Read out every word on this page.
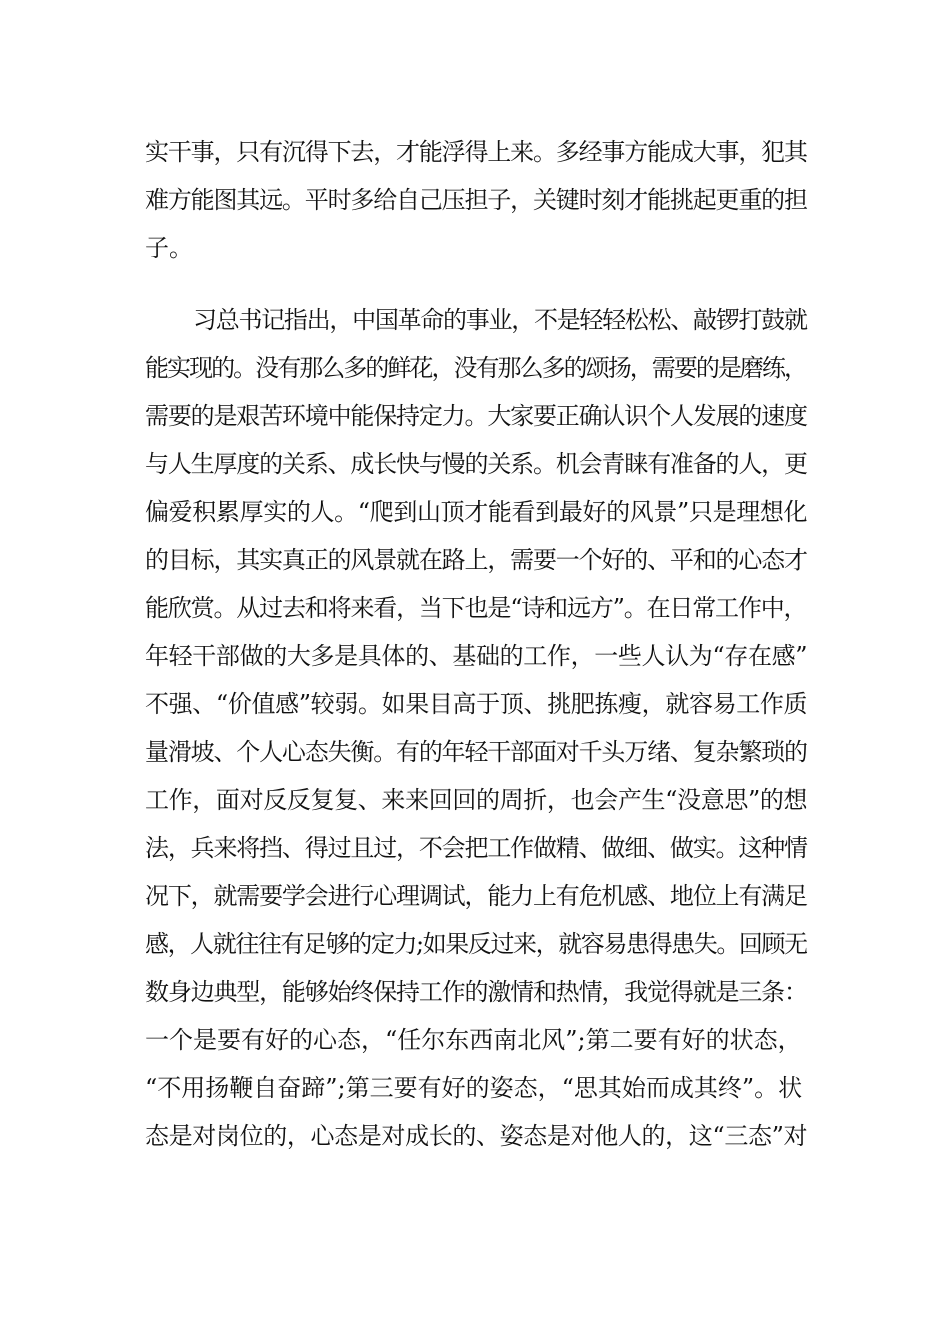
实干事，只有沉得下去，才能浮得上来。多经事方能成大事，犯其

难方能图其远。平时多给自己压担子，关键时刻才能挑起更重的担

子。

习总书记指出，中国革命的事业，不是轻轻松松、敲锣打鼓就

能实现的。没有那么多的鲜花，没有那么多的颂扬，需要的是磨练，

需要的是艰苦环境中能保持定力。大家要正确认识个人发展的速度

与人生厚度的关系、成长快与慢的关系。机会青睐有准备的人，更

偏爱积累厚实的人。“爬到山顶才能看到最好的风景”只是理想化

的目标，其实真正的风景就在路上，需要一个好的、平和的心态才

能欣赏。从过去和将来看，当下也是“诗和远方”。在日常工作中，

年轻干部做的大多是具体的、基础的工作，一些人认为“存在感”

不强、“价值感”较弱。如果目高于顶、挑肥拣瘦，就容易工作质

量滑坡、个人心态失衡。有的年轻干部面对千头万绪、复杂繁琐的

工作，面对反反复复、来来回回的周折，也会产生“没意思”的想

法，兵来将挡、得过且过，不会把工作做精、做细、做实。这种情

况下，就需要学会进行心理调试，能力上有危机感、地位上有满足

感，人就往往有足够的定力;如果反过来，就容易患得患失。回顾无

数身边典型，能够始终保持工作的激情和热情，我觉得就是三条：

一个是要有好的心态，“任尔东西南北风”;第二要有好的状态，

“不用扬鞭自奋蹄”;第三要有好的姿态，“思其始而成其终”。状

态是对岗位的，心态是对成长的、姿态是对他人的，这“三态”对
